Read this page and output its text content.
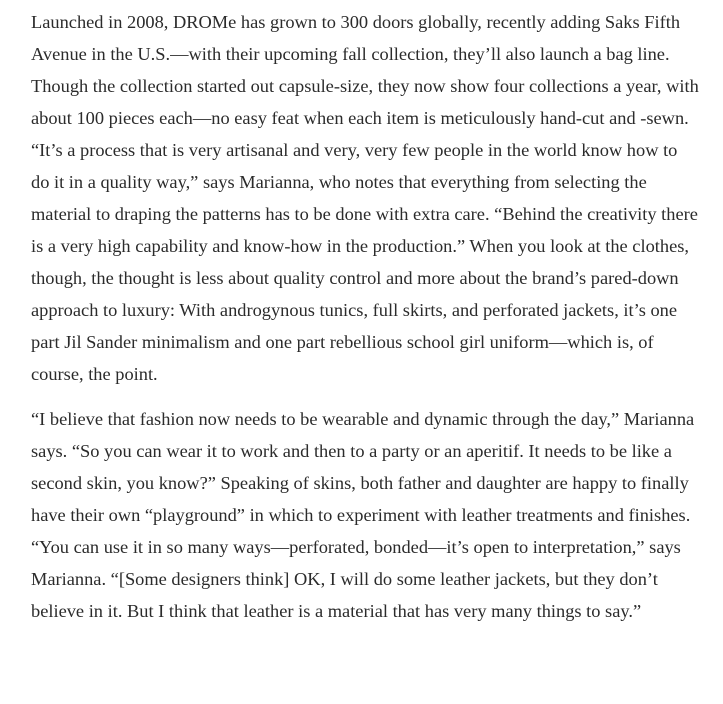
Launched in 2008, DROMe has grown to 300 doors globally, recently adding Saks Fifth Avenue in the U.S.—with their upcoming fall collection, they’ll also launch a bag line. Though the collection started out capsule-size, they now show four collections a year, with about 100 pieces each—no easy feat when each item is meticulously hand-cut and -sewn. “It’s a process that is very artisanal and very, very few people in the world know how to do it in a quality way,” says Marianna, who notes that everything from selecting the material to draping the patterns has to be done with extra care. “Behind the creativity there is a very high capability and know-how in the production.” When you look at the clothes, though, the thought is less about quality control and more about the brand’s pared-down approach to luxury: With androgynous tunics, full skirts, and perforated jackets, it’s one part Jil Sander minimalism and one part rebellious school girl uniform—which is, of course, the point.

“I believe that fashion now needs to be wearable and dynamic through the day,” Marianna says. “So you can wear it to work and then to a party or an aperitif. It needs to be like a second skin, you know?” Speaking of skins, both father and daughter are happy to finally have their own “playground” in which to experiment with leather treatments and finishes. “You can use it in so many ways—perforated, bonded—it’s open to interpretation,” says Marianna. “[Some designers think] OK, I will do some leather jackets, but they don’t believe in it. But I think that leather is a material that has very many things to say.”
